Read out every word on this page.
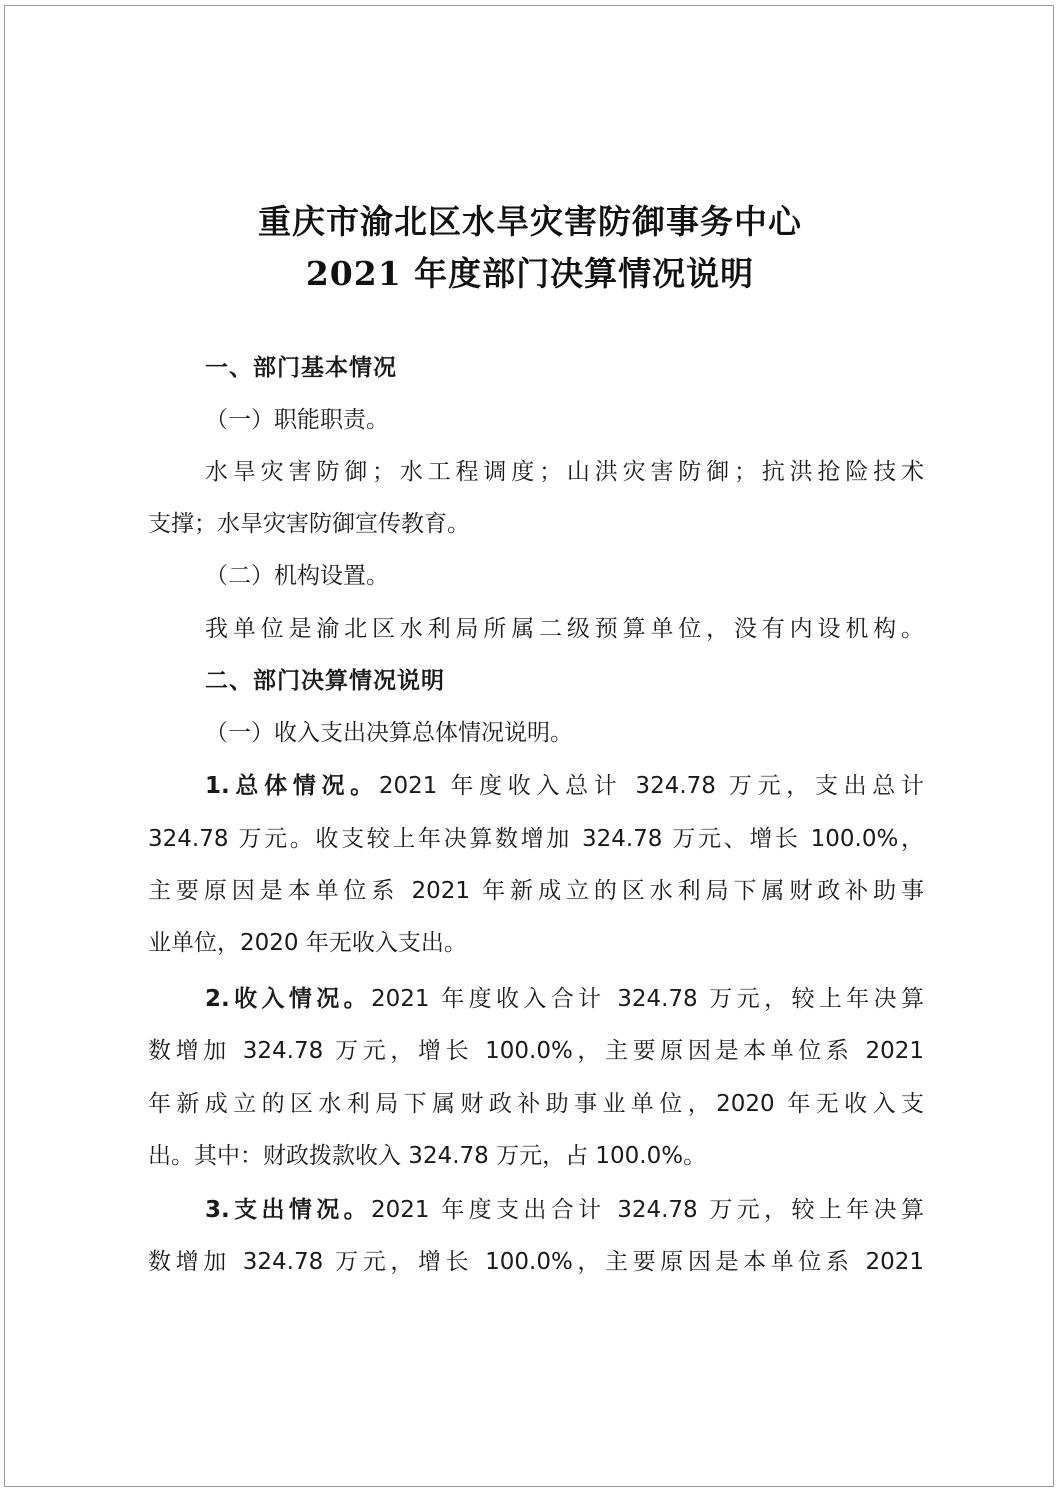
重庆市渝北区水旱灾害防御事务中心
2021 年度部门决算情况说明
一、部门基本情况
（一）职能职责。
水旱灾害防御；水工程调度；山洪灾害防御；抗洪抢险技术
支撑；水旱灾害防御宣传教育。
（二）机构设置。
我单位是渝北区水利局所属二级预算单位，没有内设机构。
二、部门决算情况说明
（一）收入支出决算总体情况说明。
1.总体情况。2021 年度收入总计 324.78 万元，支出总计
324.78 万元。收支较上年决算数增加 324.78 万元、增长 100.0%，
主要原因是本单位系 2021 年新成立的区水利局下属财政补助事
业单位，2020 年无收入支出。
2.收入情况。2021 年度收入合计 324.78 万元，较上年决算
数增加 324.78 万元，增长 100.0%，主要原因是本单位系 2021
年新成立的区水利局下属财政补助事业单位，2020 年无收入支
出。其中：财政拨款收入 324.78 万元，占 100.0%。
3.支出情况。2021 年度支出合计 324.78 万元，较上年决算
数增加 324.78 万元，增长 100.0%，主要原因是本单位系 2021
